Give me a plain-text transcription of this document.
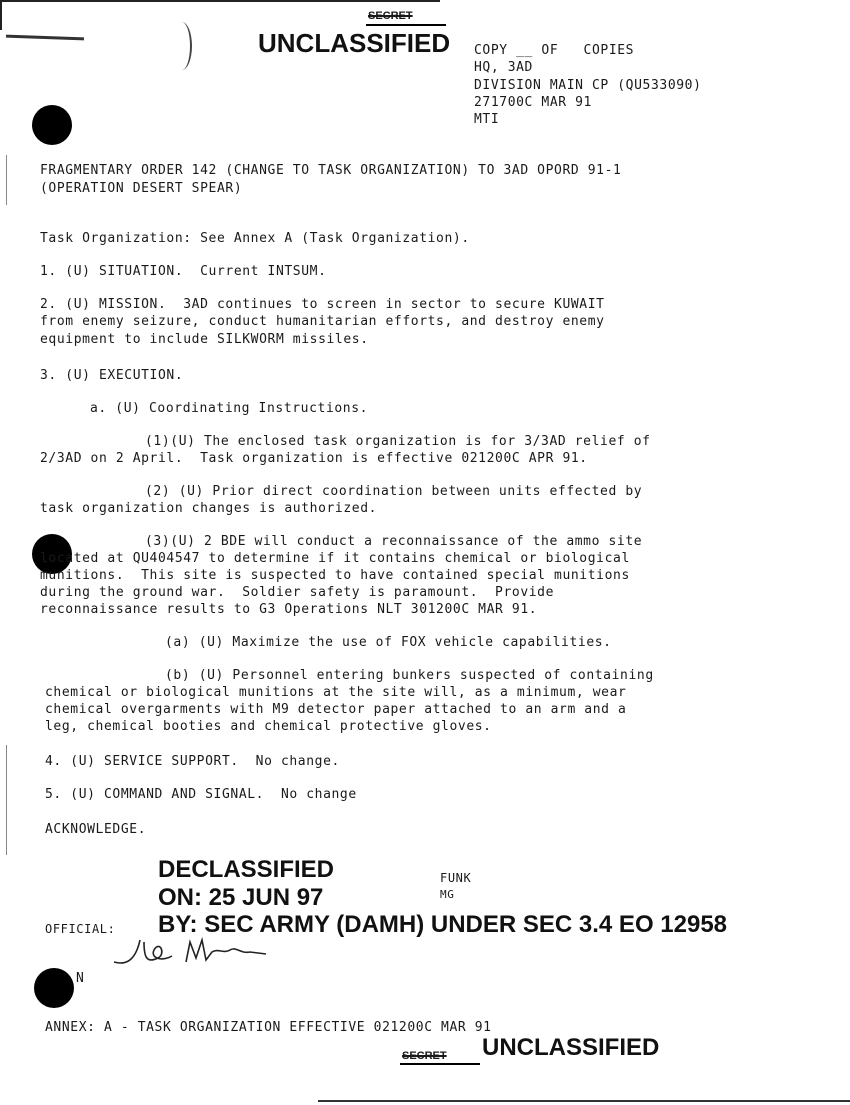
SECRET
UNCLASSIFIED COPY __ OF   COPIES
HQ, 3AD
DIVISION MAIN CP (QU533090)
271700C MAR 91
MTI
FRAGMENTARY ORDER 142 (CHANGE TO TASK ORGANIZATION) TO 3AD OPORD 91-1
(OPERATION DESERT SPEAR)
Task Organization: See Annex A (Task Organization).
1. (U) SITUATION.  Current INTSUM.
2. (U) MISSION.  3AD continues to screen in sector to secure KUWAIT
from enemy seizure, conduct humanitarian efforts, and destroy enemy
equipment to include SILKWORM missiles.
3. (U) EXECUTION.
a. (U) Coordinating Instructions.
(1)(U) The enclosed task organization is for 3/3AD relief of
2/3AD on 2 April.  Task organization is effective 021200C APR 91.
(2) (U) Prior direct coordination between units effected by
task organization changes is authorized.
(3)(U) 2 BDE will conduct a reconnaissance of the ammo site
located at QU404547 to determine if it contains chemical or biological
munitions.  This site is suspected to have contained special munitions
during the ground war.  Soldier safety is paramount.  Provide
reconnaissance results to G3 Operations NLT 301200C MAR 91.
(a) (U) Maximize the use of FOX vehicle capabilities.
(b) (U) Personnel entering bunkers suspected of containing
chemical or biological munitions at the site will, as a minimum, wear
chemical overgarments with M9 detector paper attached to an arm and a
leg, chemical booties and chemical protective gloves.
4. (U) SERVICE SUPPORT.  No change.
5. (U) COMMAND AND SIGNAL.  No change
ACKNOWLEDGE.
DECLASSIFIED	FUNK
ON: 25 JUN 97	MG
OFFICIAL: BY: SEC ARMY (DAMH) UNDER SEC 3.4 EO 12958
N
ANNEX: A - TASK ORGANIZATION EFFECTIVE 021200C MAR 91
SECRET UNCLASSIFIED
